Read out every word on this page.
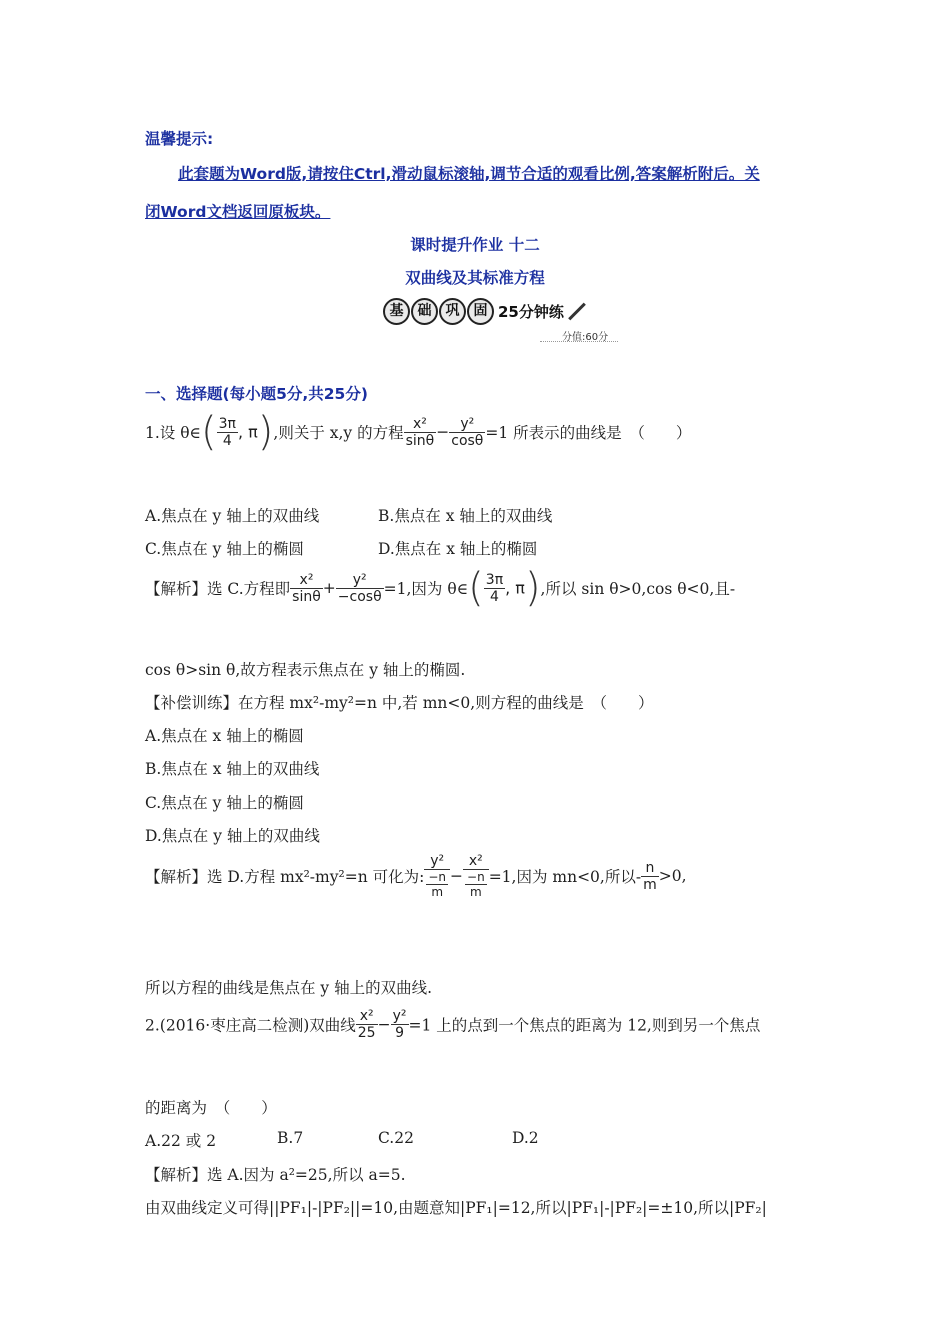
温馨提示:
此套题为Word版,请按住Ctrl,滑动鼠标滚轴,调节合适的观看比例,答案解析附后。关
闭Word文档返回原板块。
课时提升作业 十二
双曲线及其标准方程
基 础 巩 固 25分钟练
分值:60分
一、选择题(每小题5分,共25分)
1.设 θ∈( $\frac{3\pi}{4}$ , π),则关于 x,y 的方程 $\frac{\text{x²}}{\sin\theta} - \frac{\text{y²}}{\cos\theta} =1$ 所表示的曲线是　（　　）
A.焦点在 y 轴上的双曲线	B.焦点在 x 轴上的双曲线
C.焦点在 y 轴上的椭圆	D.焦点在 x 轴上的椭圆
【解析】选 C.方程即 $\frac{\text{x²}}{\sin\theta} + \frac{\text{y²}}{-\cos\theta} =1$,因为 θ∈( $\frac{3\pi}{4}$ , π),所以 sin θ>0,cos θ<0,且-
cos θ>sin θ,故方程表示焦点在 y 轴上的椭圆.
【补偿训练】在方程 mx²-my²=n 中,若 mn<0,则方程的曲线是　（　　）
A.焦点在 x 轴上的椭圆
B.焦点在 x 轴上的双曲线
C.焦点在 y 轴上的椭圆
D.焦点在 y 轴上的双曲线
【解析】选 D.方程 mx²-my²=n 可化为: $\frac{\text{y²}}{\frac{-n}{m}} - \frac{\text{x²}}{\frac{-n}{m}} =1$,因为 mn<0,所以- $\frac{n}{m} >0$,
所以方程的曲线是焦点在 y 轴上的双曲线.
2.(2016·枣庄高二检测)双曲线 $\frac{\text{x²}}{25} - \frac{\text{y²}}{9} =1$ 上的点到一个焦点的距离为 12,则到另一个焦点
的距离为　（　　）
A.22 或 2	B.7	C.22	D.2
【解析】选 A.因为 a²=25,所以 a=5.
由双曲线定义可得||PF₁|-|PF₂||=10,由题意知|PF₁|=12,所以|PF₁|-|PF₂|=±10,所以|PF₂|
